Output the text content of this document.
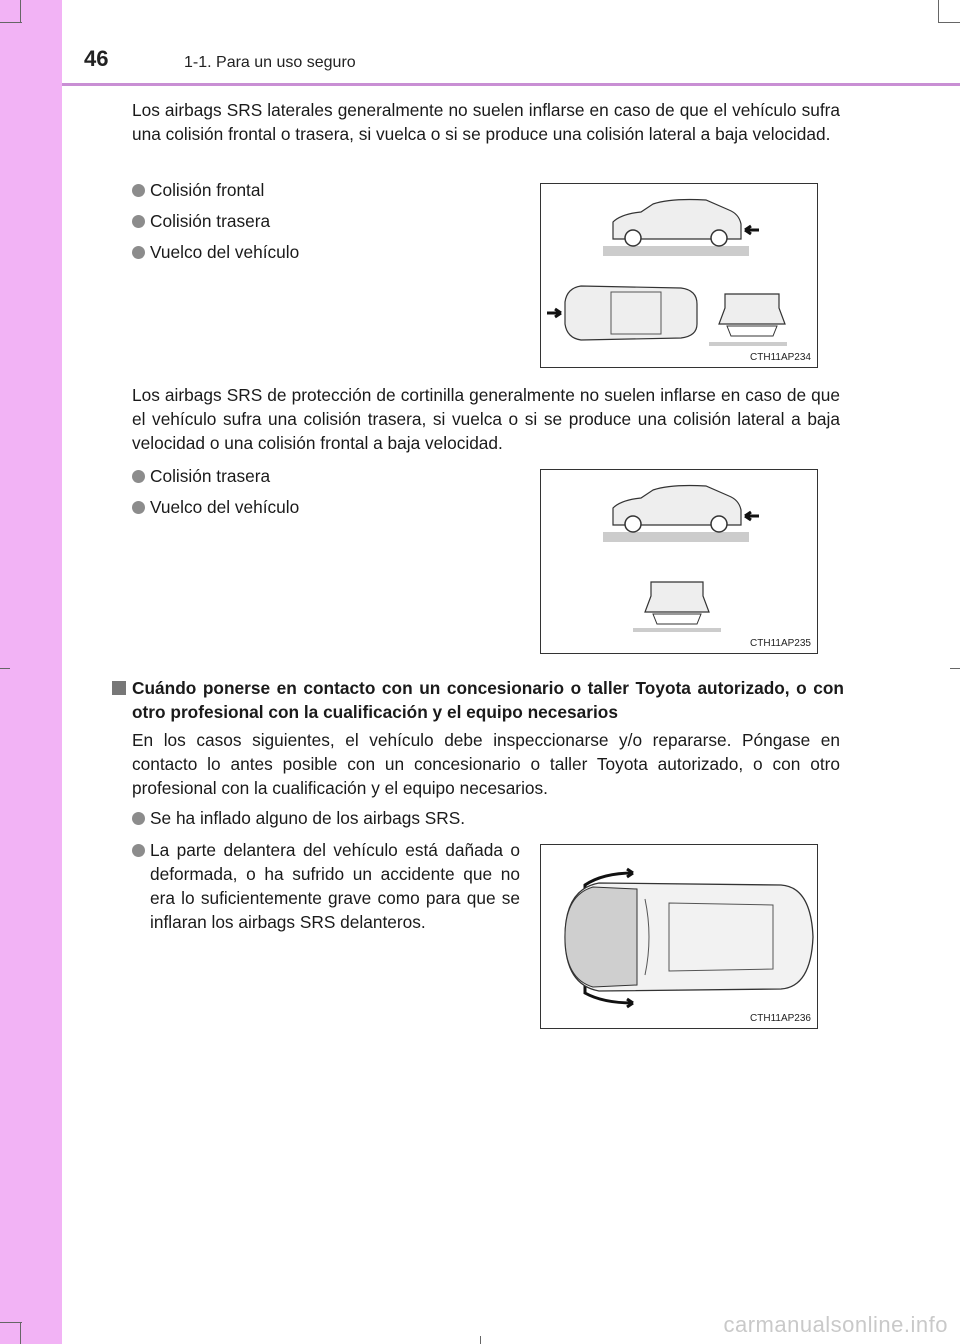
46	1-1. Para un uso seguro
Los airbags SRS laterales generalmente no suelen inflarse en caso de que el vehículo sufra una colisión frontal o trasera, si vuelca o si se produce una colisión lateral a baja velocidad.
Colisión frontal
Colisión trasera
Vuelco del vehículo
CTH11AP234
Los airbags SRS de protección de cortinilla generalmente no suelen inflarse en caso de que el vehículo sufra una colisión trasera, si vuelca o si se produce una colisión lateral a baja velocidad o una colisión frontal a baja velocidad.
Colisión trasera
Vuelco del vehículo
CTH11AP235
Cuándo ponerse en contacto con un concesionario o taller Toyota autorizado, o con otro profesional con la cualificación y el equipo necesarios
En los casos siguientes, el vehículo debe inspeccionarse y/o repararse. Póngase en contacto lo antes posible con un concesionario o taller Toyota autorizado, o con otro profesional con la cualificación y el equipo necesarios.
Se ha inflado alguno de los airbags SRS.
La parte delantera del vehículo está dañada o deformada, o ha sufrido un accidente que no era lo suficientemente grave como para que se inflaran los airbags SRS delanteros.
CTH11AP236
carmanualsonline.info
